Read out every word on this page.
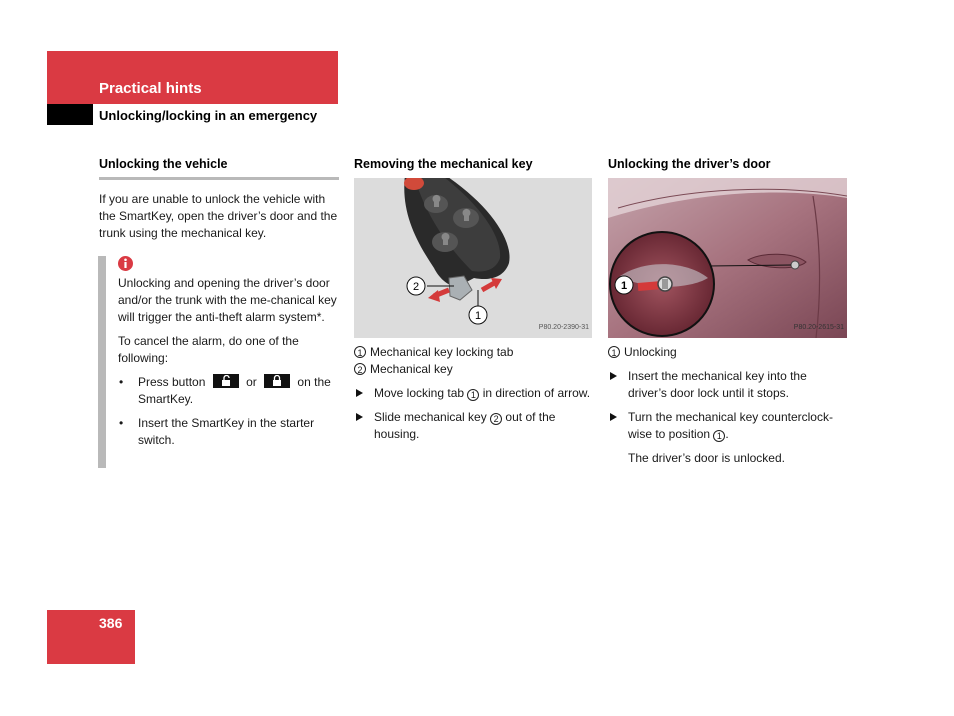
Practical hints
Unlocking/locking in an emergency

Unlocking the vehicle

If you are unable to unlock the vehicle with the SmartKey, open the driver’s door and the trunk using the mechanical key.

Unlocking and opening the driver’s door and/or the trunk with the me-chanical key will trigger the anti-theft alarm system*.

To cancel the alarm, do one of the following:

• Press button	or	on the SmartKey.
• Insert the SmartKey in the starter switch.

Removing the mechanical key

2
1
P80.20-2390-31
1 Mechanical key locking tab
2 Mechanical key
Move locking tab 1 in direction of arrow.
Slide mechanical key 2 out of the housing.

Unlocking the driver’s door

1
P80.20-2615-31
1 Unlocking
Insert the mechanical key into the driver’s door lock until it stops.
Turn the mechanical key counterclock-wise to position 1 .

The driver’s door is unlocked.

386
